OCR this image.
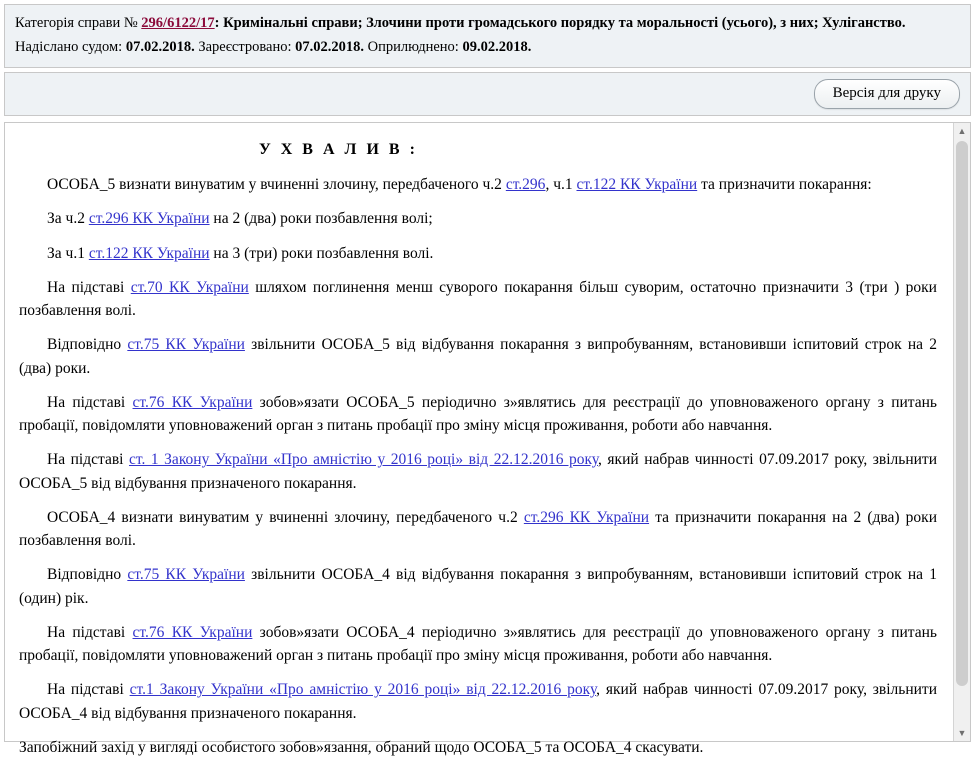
Категорія справи № 296/6122/17: Кримінальні справи; Злочини проти громадського порядку та моральності (усього), з них; Хуліганство.
Надіслано судом: 07.02.2018. Зареєстровано: 07.02.2018. Оприлюднено: 09.02.2018.
Версія для друку
У Х В А Л И В :

ОСОБА_5 визнати винуватим у вчиненні злочину, передбаченого ч.2 ст.296, ч.1 ст.122 КК України та призначити покарання:

За ч.2 ст.296 КК України на 2 (два) роки позбавлення волі;

За ч.1 ст.122 КК України на 3 (три) роки позбавлення волі.

На підставі ст.70 КК України шляхом поглинення менш суворого покарання більш суворим, остаточно призначити 3 (три ) роки позбавлення волі.

Відповідно ст.75 КК України звільнити ОСОБА_5 від відбування покарання з випробуванням, встановивши іспитовий строк на 2 (два) роки.

На підставі ст.76 КК України зобов»язати ОСОБА_5 періодично з»являтись для реєстрації до уповноваженого органу з питань пробації, повідомляти уповноважений орган з питань пробації про зміну місця проживання, роботи або навчання.

На підставі ст. 1 Закону України «Про амністію у 2016 році» від 22.12.2016 року, який набрав чинності 07.09.2017 року, звільнити ОСОБА_5 від відбування призначеного покарання.

ОСОБА_4 визнати винуватим у вчиненні злочину, передбаченого ч.2 ст.296 КК України та призначити покарання на 2 (два) роки позбавлення волі.

Відповідно ст.75 КК України звільнити ОСОБА_4 від відбування покарання з випробуванням, встановивши іспитовий строк на 1 (один) рік.

На підставі ст.76 КК України зобов»язати ОСОБА_4 періодично з»являтись для реєстрації до уповноваженого органу з питань пробації, повідомляти уповноважений орган з питань пробації про зміну місця проживання, роботи або навчання.

На підставі ст.1 Закону України «Про амністію у 2016 році» від 22.12.2016 року, який набрав чинності 07.09.2017 року, звільнити ОСОБА_4 від відбування призначеного покарання.

Запобіжний захід у вигляді особистого зобов»язання, обраний щодо ОСОБА_5 та ОСОБА_4 скасувати.

▲
▼
